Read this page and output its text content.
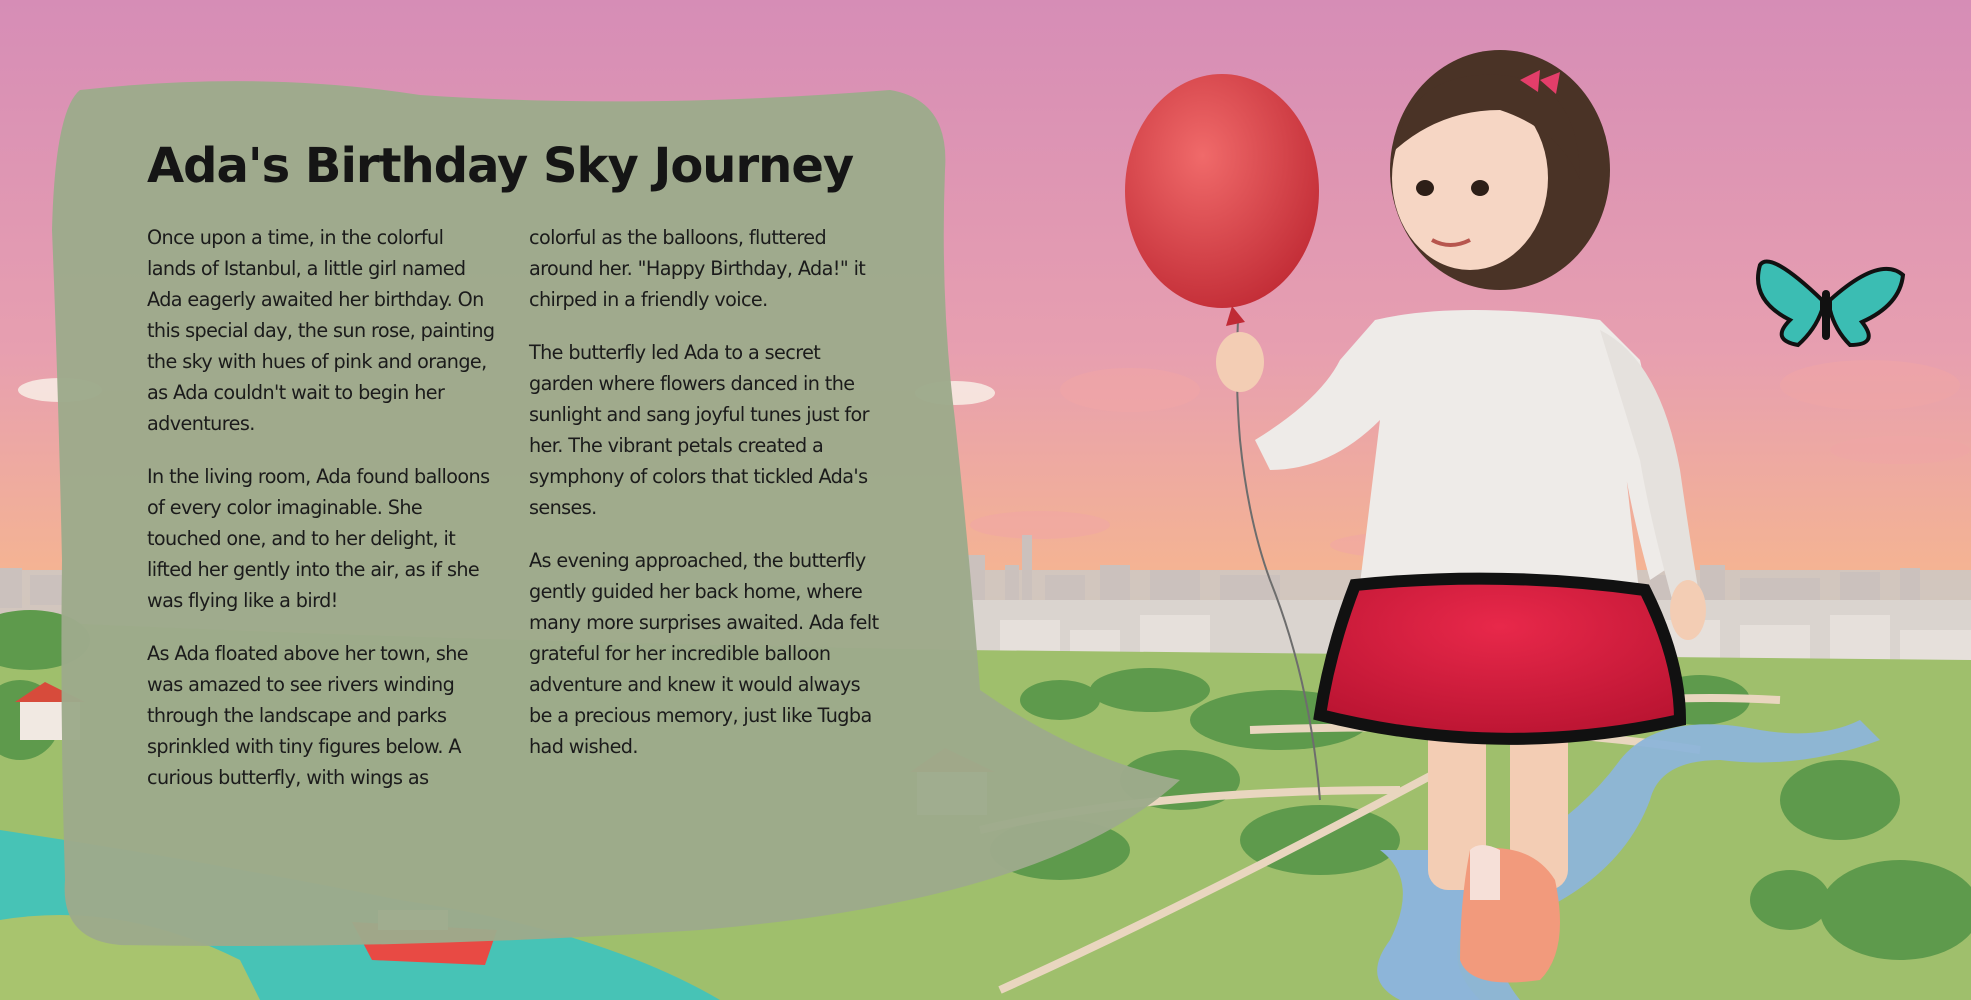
Ada's Birthday Sky Journey

Once upon a time, in the colorful lands of Istanbul, a little girl named Ada eagerly awaited her birthday. On this special day, the sun rose, painting the sky with hues of pink and orange, as Ada couldn't wait to begin her adventures.

In the living room, Ada found balloons of every color imaginable. She touched one, and to her delight, it lifted her gently into the air, as if she was flying like a bird!

As Ada floated above her town, she was amazed to see rivers winding through the landscape and parks sprinkled with tiny figures below. A curious butterfly, with wings as

colorful as the balloons, fluttered around her. "Happy Birthday, Ada!" it chirped in a friendly voice.

The butterfly led Ada to a secret garden where flowers danced in the sunlight and sang joyful tunes just for her. The vibrant petals created a symphony of colors that tickled Ada's senses.

As evening approached, the butterfly gently guided her back home, where many more surprises awaited. Ada felt grateful for her incredible balloon adventure and knew it would always be a precious memory, just like Tugba had wished.
